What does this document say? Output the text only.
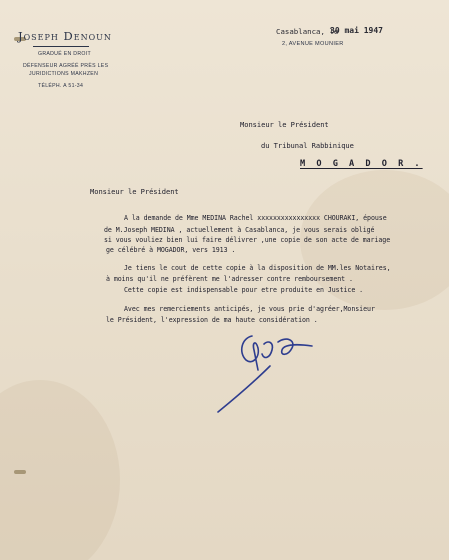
Joseph Denoun
GRADUÉ EN DROIT
DÉFENSEUR AGRÉÉ PRÈS LES
JURIDICTIONS MAKHZEN
TÉLÉPH. A 51-34
Casablanca, le
30 mai 1947
2, AVENUE MOUNIER
Monsieur le Président
du Tribunal Rabbinique
M O G A D O R .
Monsieur le Président
A la demande de Mme MEDINA Rachel xxxxxxxxxxxxxxxx CHOURAKI, épouse
de M.Joseph MEDINA , actuellement à Casablanca, je vous serais obligé
si vous vouliez bien lui faire délivrer ,une copie de son acte de mariage
ge célébré à MOGADOR, vers 1913 .
Je tiens le cout de cette copie à la disposition de MM.les Notaires,
à moins qu'il ne préfèrent me l'adresser contre remboursement .
Cette copie est indispensable pour etre produite en Justice .
Avec mes remerciements anticipés, je vous prie d'agréer,Monsieur
le Président, l'expression de ma haute considération .
